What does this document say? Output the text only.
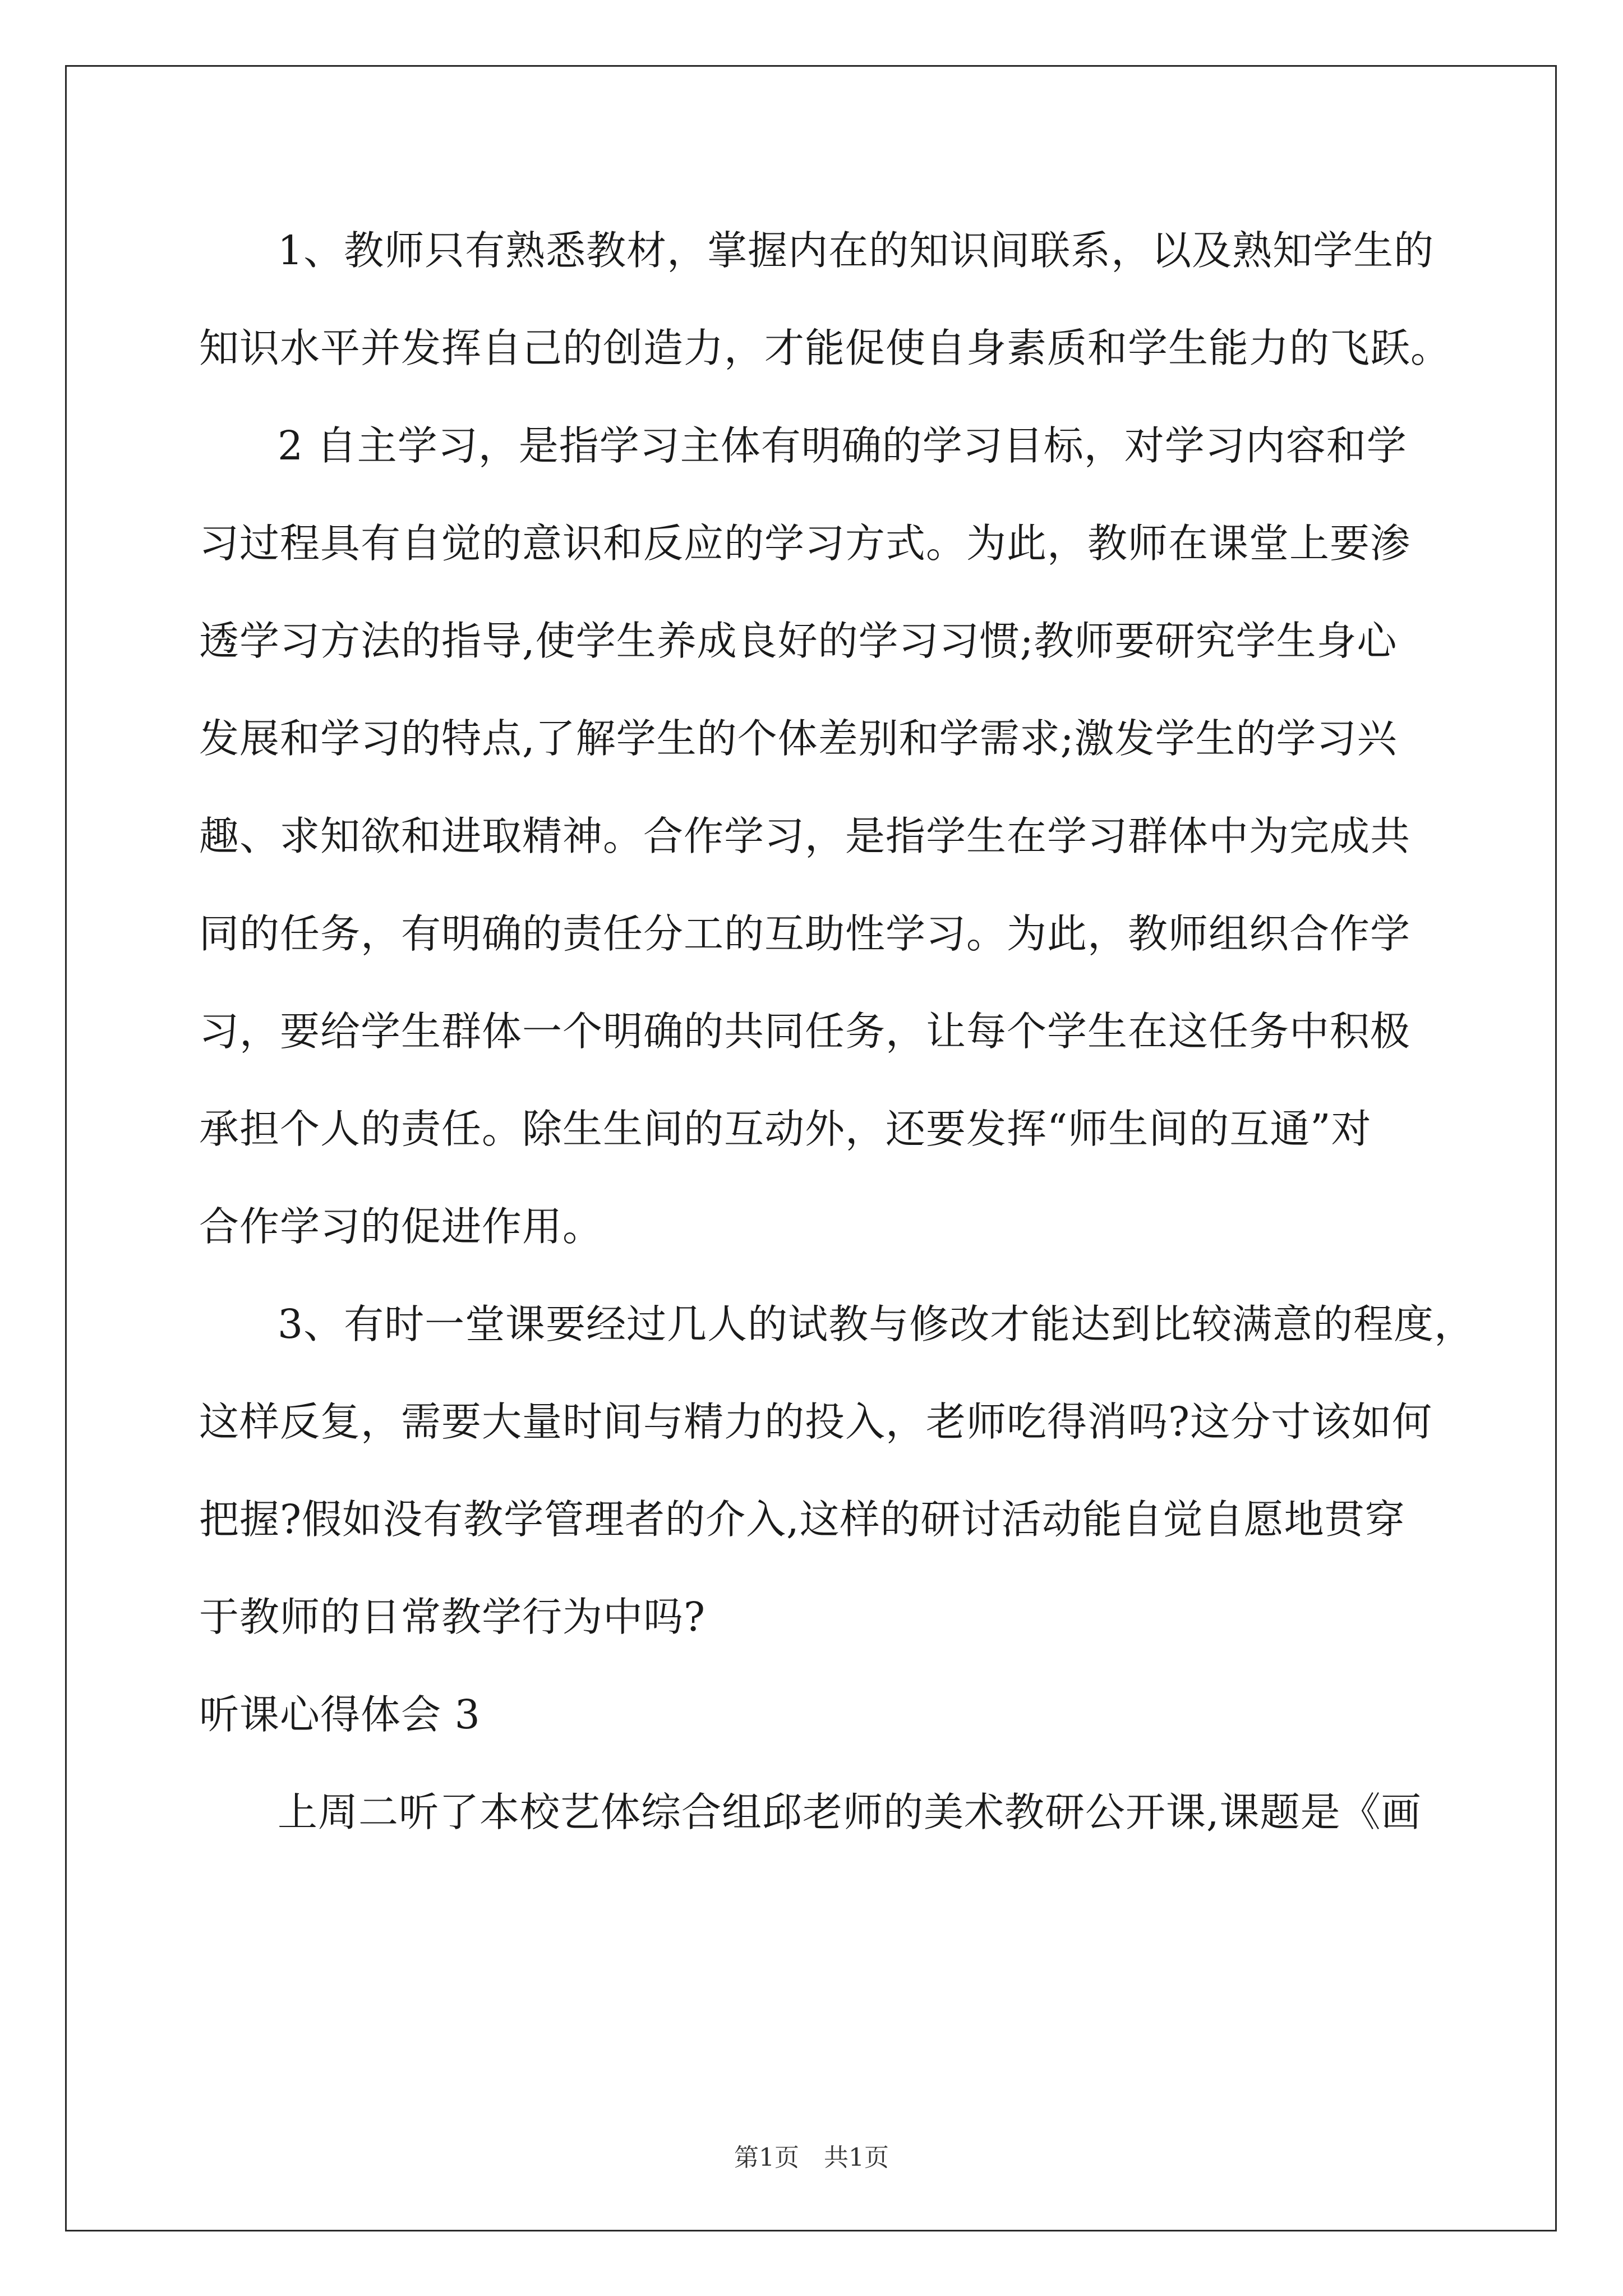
1、教师只有熟悉教材，掌握内在的知识间联系，以及熟知学生的
知识水平并发挥自己的创造力，才能促使自身素质和学生能力的飞跃。
2 自主学习，是指学习主体有明确的学习目标，对学习内容和学
习过程具有自觉的意识和反应的学习方式。为此，教师在课堂上要渗
透学习方法的指导,使学生养成良好的学习习惯;教师要研究学生身心
发展和学习的特点,了解学生的个体差别和学需求;激发学生的学习兴
趣、求知欲和进取精神。合作学习，是指学生在学习群体中为完成共
同的任务，有明确的责任分工的互助性学习。为此，教师组织合作学
习，要给学生群体一个明确的共同任务，让每个学生在这任务中积极
承担个人的责任。除生生间的互动外，还要发挥“师生间的互通”对
合作学习的促进作用。
3、有时一堂课要经过几人的试教与修改才能达到比较满意的程度，
这样反复，需要大量时间与精力的投入，老师吃得消吗?这分寸该如何
把握?假如没有教学管理者的介入,这样的研讨活动能自觉自愿地贯穿
于教师的日常教学行为中吗?
听课心得体会 3
上周二听了本校艺体综合组邱老师的美术教研公开课,课题是《画
第1页　共1页
